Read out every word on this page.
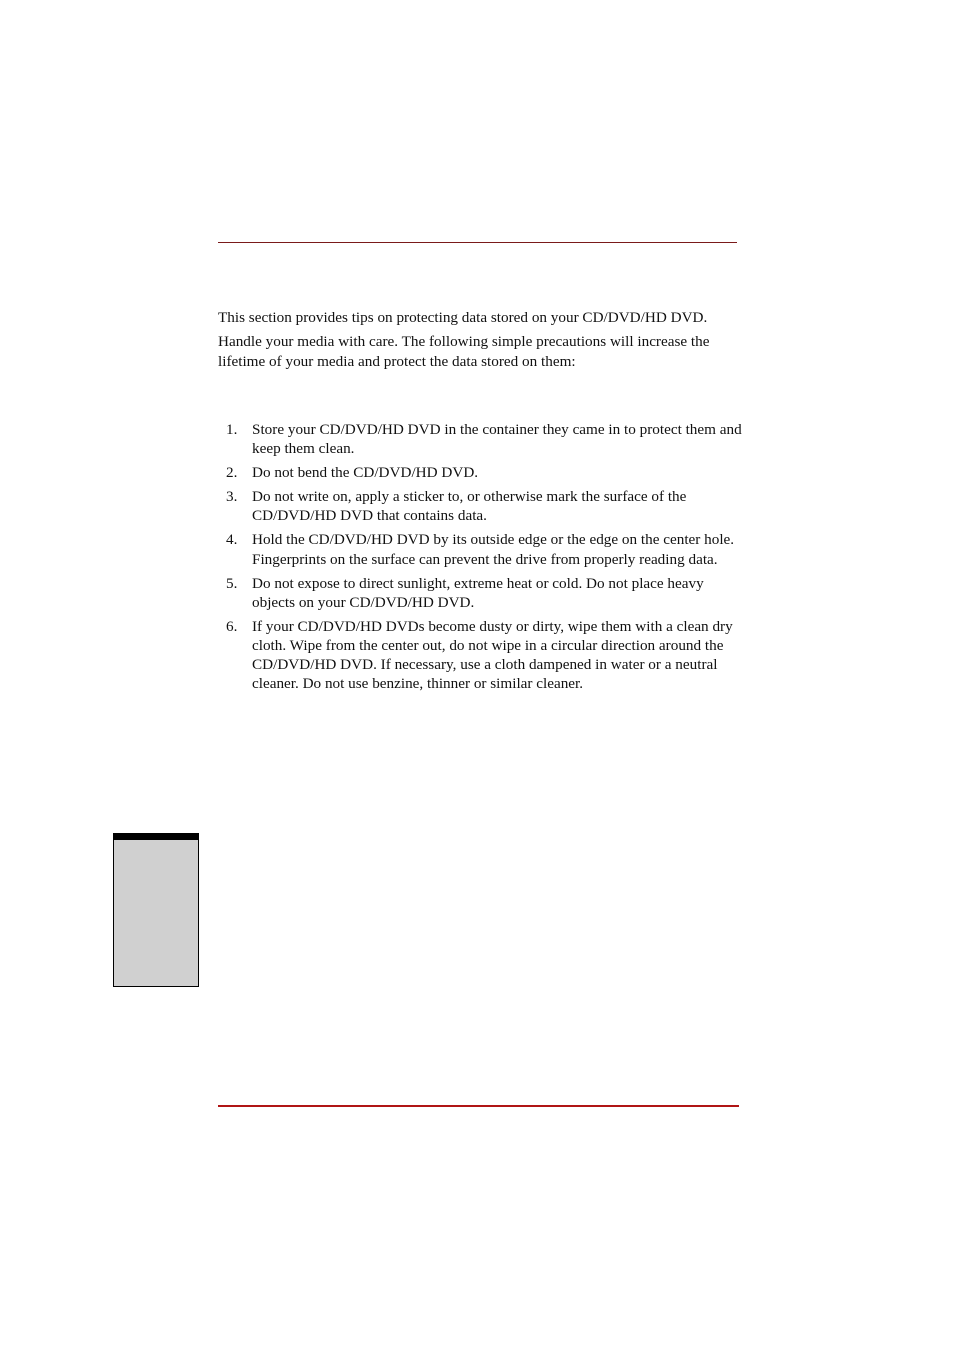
This section provides tips on protecting data stored on your CD/DVD/HD DVD.

Handle your media with care. The following simple precautions will increase the lifetime of your media and protect the data stored on them:

1. Store your CD/DVD/HD DVD in the container they came in to protect them and keep them clean.
2. Do not bend the CD/DVD/HD DVD.
3. Do not write on, apply a sticker to, or otherwise mark the surface of the CD/DVD/HD DVD that contains data.
4. Hold the CD/DVD/HD DVD by its outside edge or the edge on the center hole. Fingerprints on the surface can prevent the drive from properly reading data.
5. Do not expose to direct sunlight, extreme heat or cold. Do not place heavy objects on your CD/DVD/HD DVD.
6. If your CD/DVD/HD DVDs become dusty or dirty, wipe them with a clean dry cloth. Wipe from the center out, do not wipe in a circular direction around the CD/DVD/HD DVD. If necessary, use a cloth dampened in water or a neutral cleaner. Do not use benzine, thinner or similar cleaner.
